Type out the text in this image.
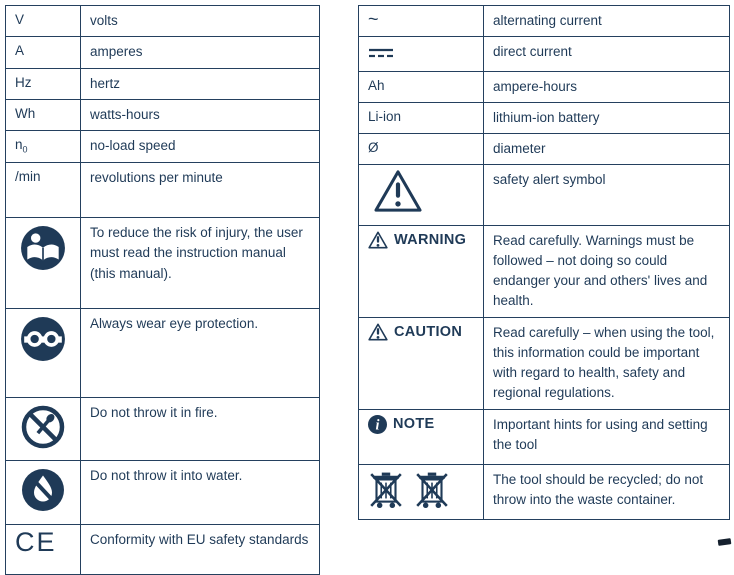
V	volts
A	amperes
Hz	hertz
Wh	watts-hours
$n_0$	no-load speed
/min	revolutions per minute
	To reduce the risk of injury, the user must read the instruction manual (this manual).
	Always wear eye protection.
	Do not throw it in fire.
	Do not throw it into water.
CE	Conformity with EU safety standards
~	alternating current
	direct current
Ah	ampere-hours
Li-ion	lithium-ion battery
Ø	diameter
	safety alert symbol

WARNING	Read carefully. Warnings must be followed – not doing so could endanger your and others' lives and health.

CAUTION	Read carefully – when using the tool, this information could be important with regard to health, safety and regional regulations.

i NOTE	Important hints for using and setting the tool

	The tool should be recycled; do not throw into the waste container.
